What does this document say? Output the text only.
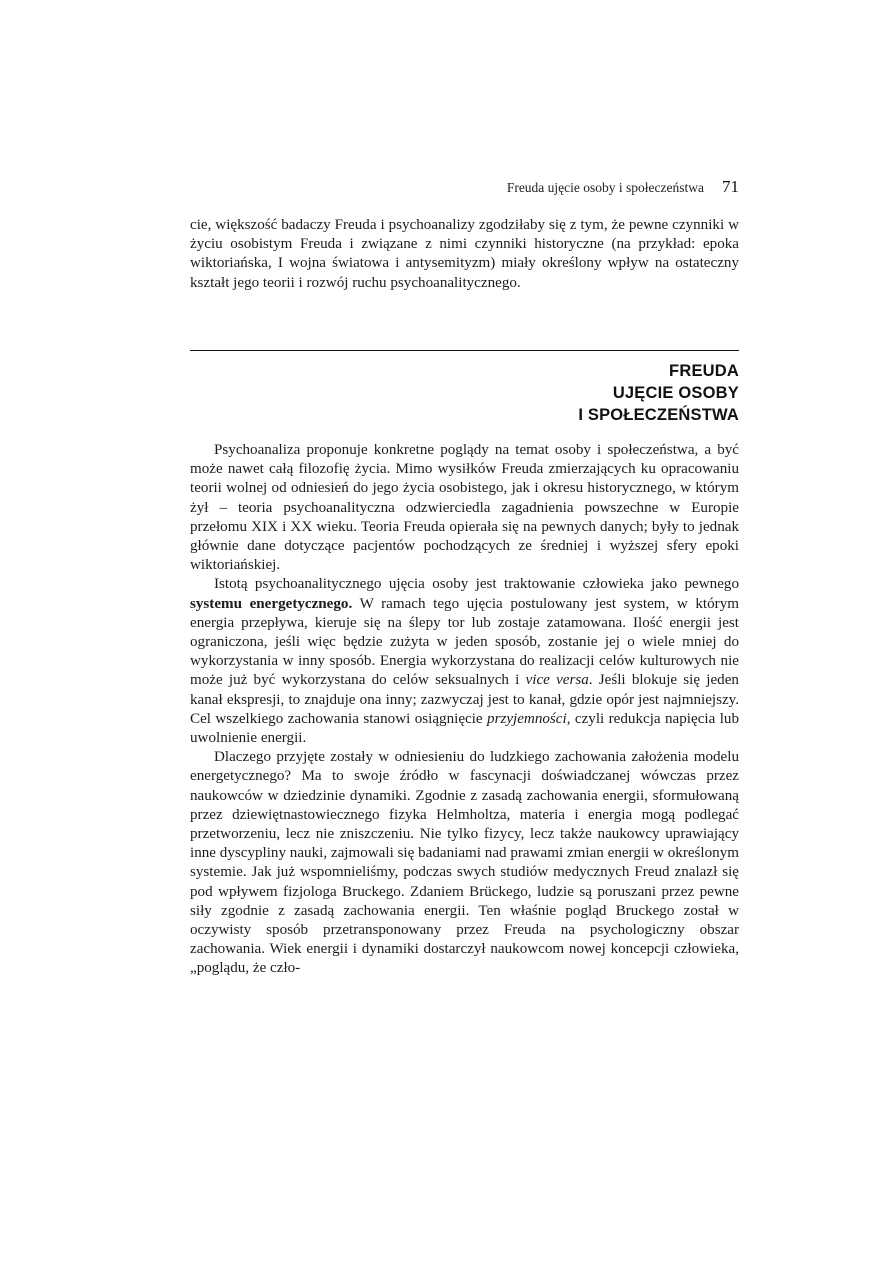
Freuda ujęcie osoby i społeczeństwa 71

cie, większość badaczy Freuda i psychoanalizy zgodziłaby się z tym, że pewne czynniki w życiu osobistym Freuda i związane z nimi czynniki historyczne (na przykład: epoka wiktoriańska, I wojna światowa i antysemityzm) miały określony wpływ na ostateczny kształt jego teorii i rozwój ruchu psychoanalitycznego.

FREUDA
UJĘCIE OSOBY
I SPOŁECZEŃSTWA

Psychoanaliza proponuje konkretne poglądy na temat osoby i społeczeństwa, a być może nawet całą filozofię życia. Mimo wysiłków Freuda zmierzających ku opracowaniu teorii wolnej od odniesień do jego życia osobistego, jak i okresu historycznego, w którym żył – teoria psychoanalityczna odzwierciedla zagadnienia powszechne w Europie przełomu XIX i XX wieku. Teoria Freuda opierała się na pewnych danych; były to jednak głównie dane dotyczące pacjentów pochodzących ze średniej i wyższej sfery epoki wiktoriańskiej.

Istotą psychoanalitycznego ujęcia osoby jest traktowanie człowieka jako pewnego systemu energetycznego. W ramach tego ujęcia postulowany jest system, w którym energia przepływa, kieruje się na ślepy tor lub zostaje zatamowana. Ilość energii jest ograniczona, jeśli więc będzie zużyta w jeden sposób, zostanie jej o wiele mniej do wykorzystania w inny sposób. Energia wykorzystana do realizacji celów kulturowych nie może już być wykorzystana do celów seksualnych i vice versa. Jeśli blokuje się jeden kanał ekspresji, to znajduje ona inny; zazwyczaj jest to kanał, gdzie opór jest najmniejszy. Cel wszelkiego zachowania stanowi osiągnięcie przyjemności, czyli redukcja napięcia lub uwolnienie energii.

Dlaczego przyjęte zostały w odniesieniu do ludzkiego zachowania założenia modelu energetycznego? Ma to swoje źródło w fascynacji doświadczanej wówczas przez naukowców w dziedzinie dynamiki. Zgodnie z zasadą zachowania energii, sformułowaną przez dziewiętnastowiecznego fizyka Helmholtza, materia i energia mogą podlegać przetworzeniu, lecz nie zniszczeniu. Nie tylko fizycy, lecz także naukowcy uprawiający inne dyscypliny nauki, zajmowali się badaniami nad prawami zmian energii w określonym systemie. Jak już wspomnieliśmy, podczas swych studiów medycznych Freud znalazł się pod wpływem fizjologa Bruckego. Zdaniem Brückego, ludzie są poruszani przez pewne siły zgodnie z zasadą zachowania energii. Ten właśnie pogląd Bruckego został w oczywisty sposób przetransponowany przez Freuda na psychologiczny obszar zachowania. Wiek energii i dynamiki dostarczył naukowcom nowej koncepcji człowieka, „poglądu, że czło-
